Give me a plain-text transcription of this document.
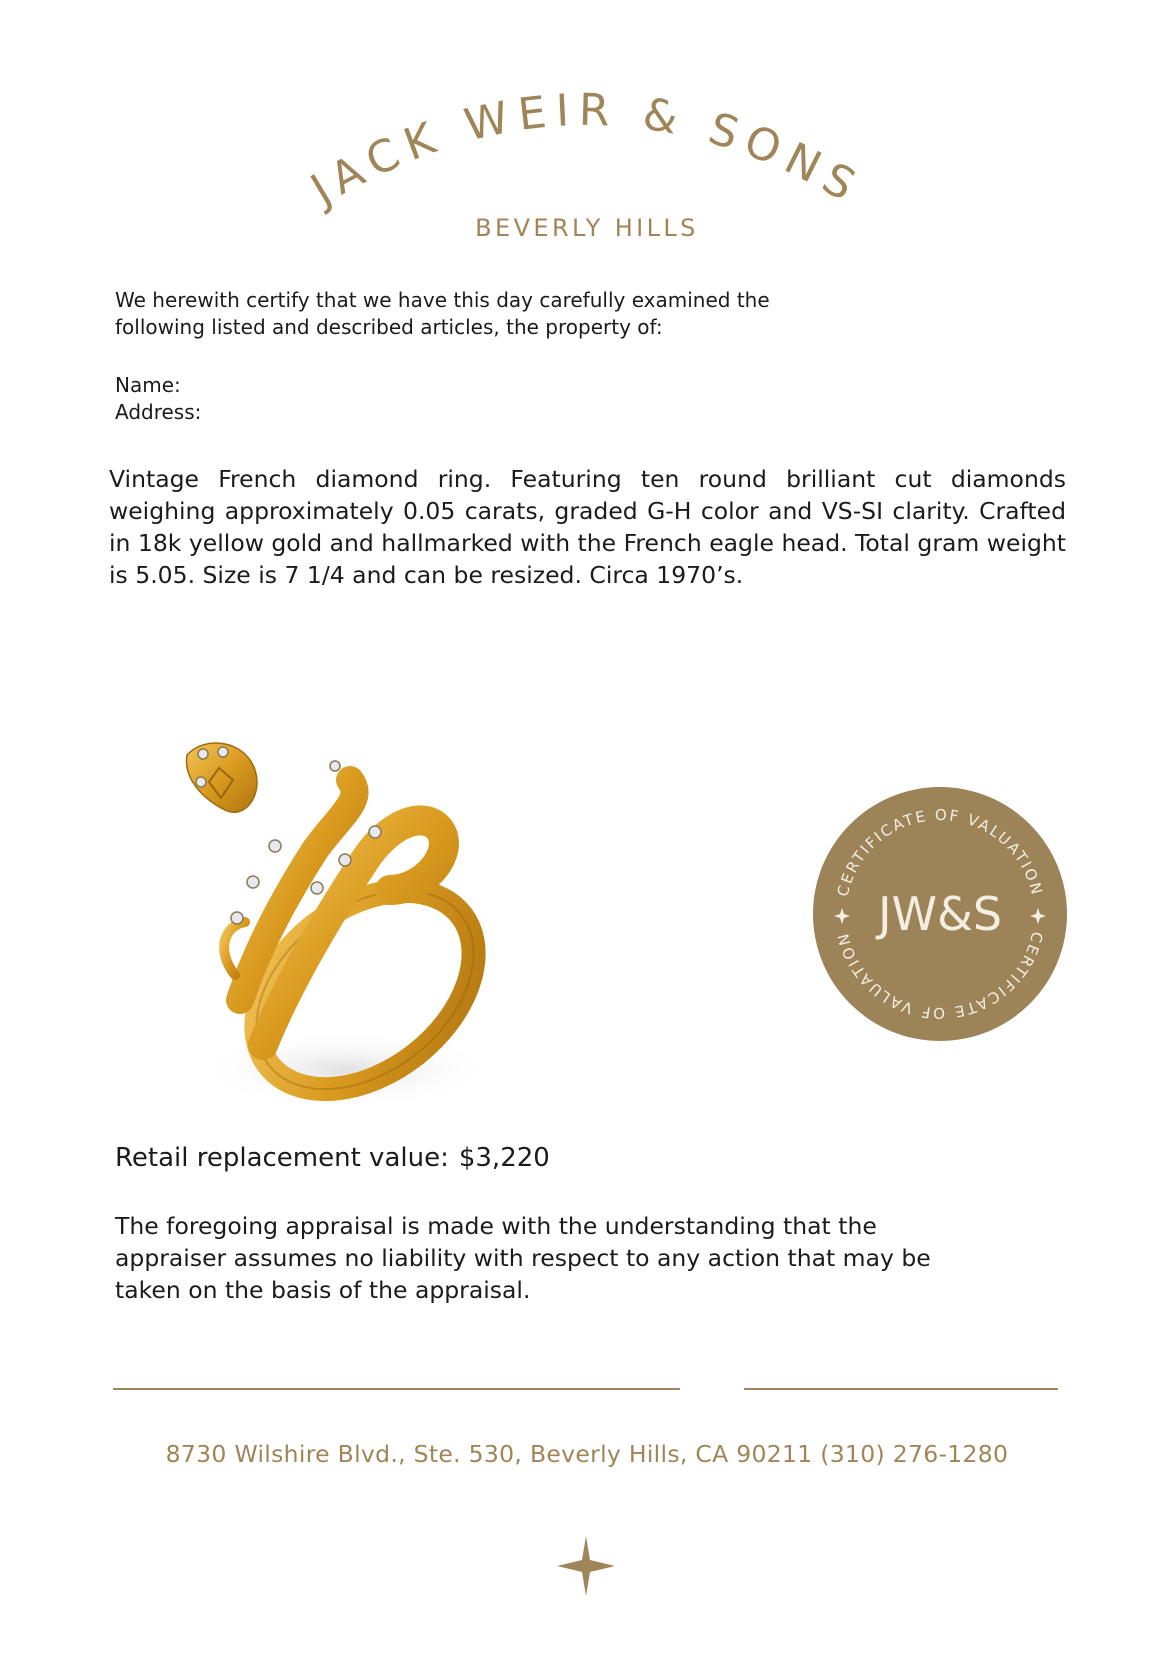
JACK WEIR & SONS
BEVERLY HILLS

We herewith certify that we have this day carefully examined the
following listed and described articles, the property of:

Name:

Address:

Vintage French diamond ring. Featuring ten round brilliant cut diamonds weighing approximately 0.05 carats, graded G-H color and VS-SI clarity. Crafted in 18k yellow gold and hallmarked with the French eagle head. Total gram weight is 5.05. Size is 7 1/4 and can be resized. Circa 1970’s.

CERTIFICATE OF VALUATION
CERTIFICATE OF VALUATION JW&S
Retail replacement value: $3,220

The foregoing appraisal is made with the understanding that the
appraiser assumes no liability with respect to any action that may be
taken on the basis of the appraisal.

8730 Wilshire Blvd., Ste. 530, Beverly Hills, CA 90211 (310) 276-1280
